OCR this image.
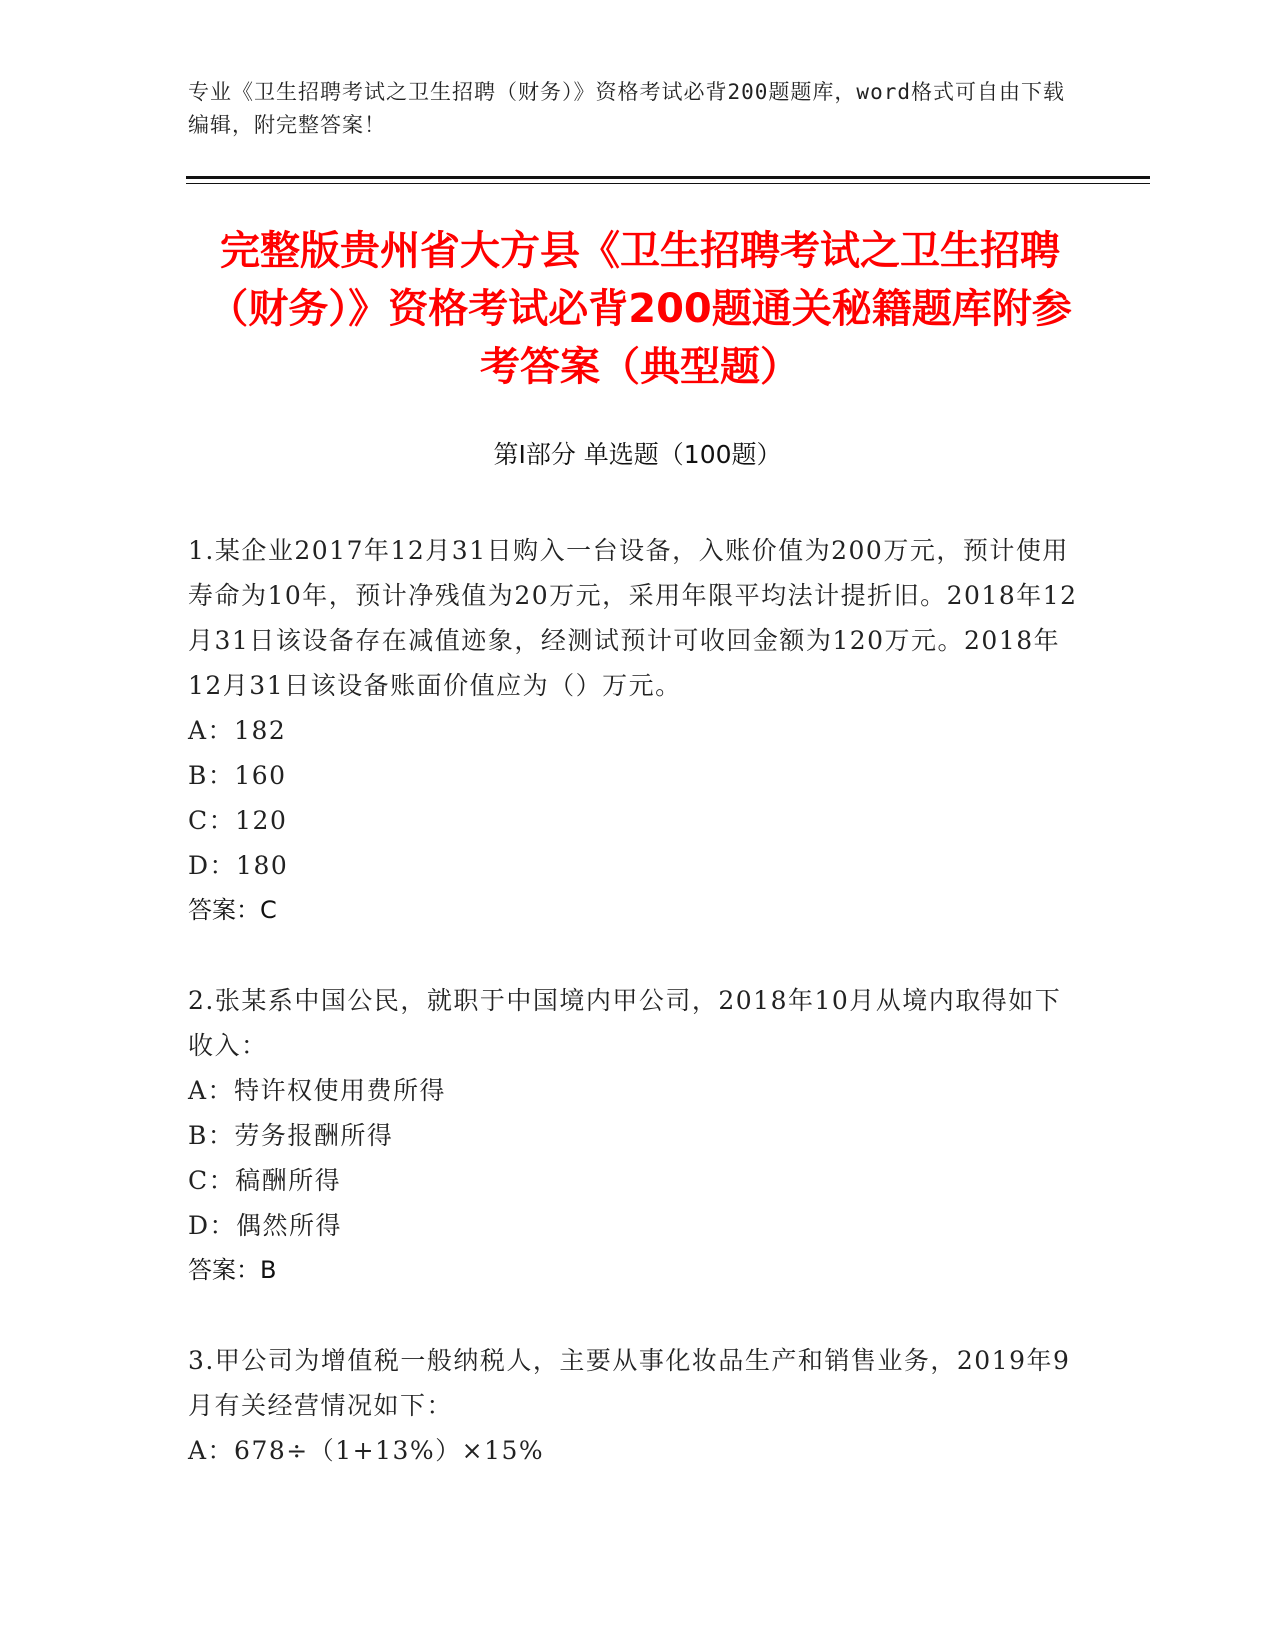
专业《卫生招聘考试之卫生招聘（财务）》资格考试必背200题题库，word格式可自由下载编辑，附完整答案！
完整版贵州省大方县《卫生招聘考试之卫生招聘（财务）》资格考试必背200题通关秘籍题库附参考答案（典型题）
第Ⅰ部分 单选题（100题）

1.某企业2017年12月31日购入一台设备，入账价值为200万元，预计使用寿命为10年，预计净残值为20万元，采用年限平均法计提折旧。2018年12月31日该设备存在减值迹象，经测试预计可收回金额为120万元。2018年12月31日该设备账面价值应为（）万元。

A：182

B：160

C：120

D：180

答案：C

2.张某系中国公民，就职于中国境内甲公司，2018年10月从境内取得如下收入：

A：特许权使用费所得

B：劳务报酬所得

C：稿酬所得

D：偶然所得

答案：B

3.甲公司为增值税一般纳税人，主要从事化妆品生产和销售业务，2019年9月有关经营情况如下：

A：678÷（1+13%）×15%
